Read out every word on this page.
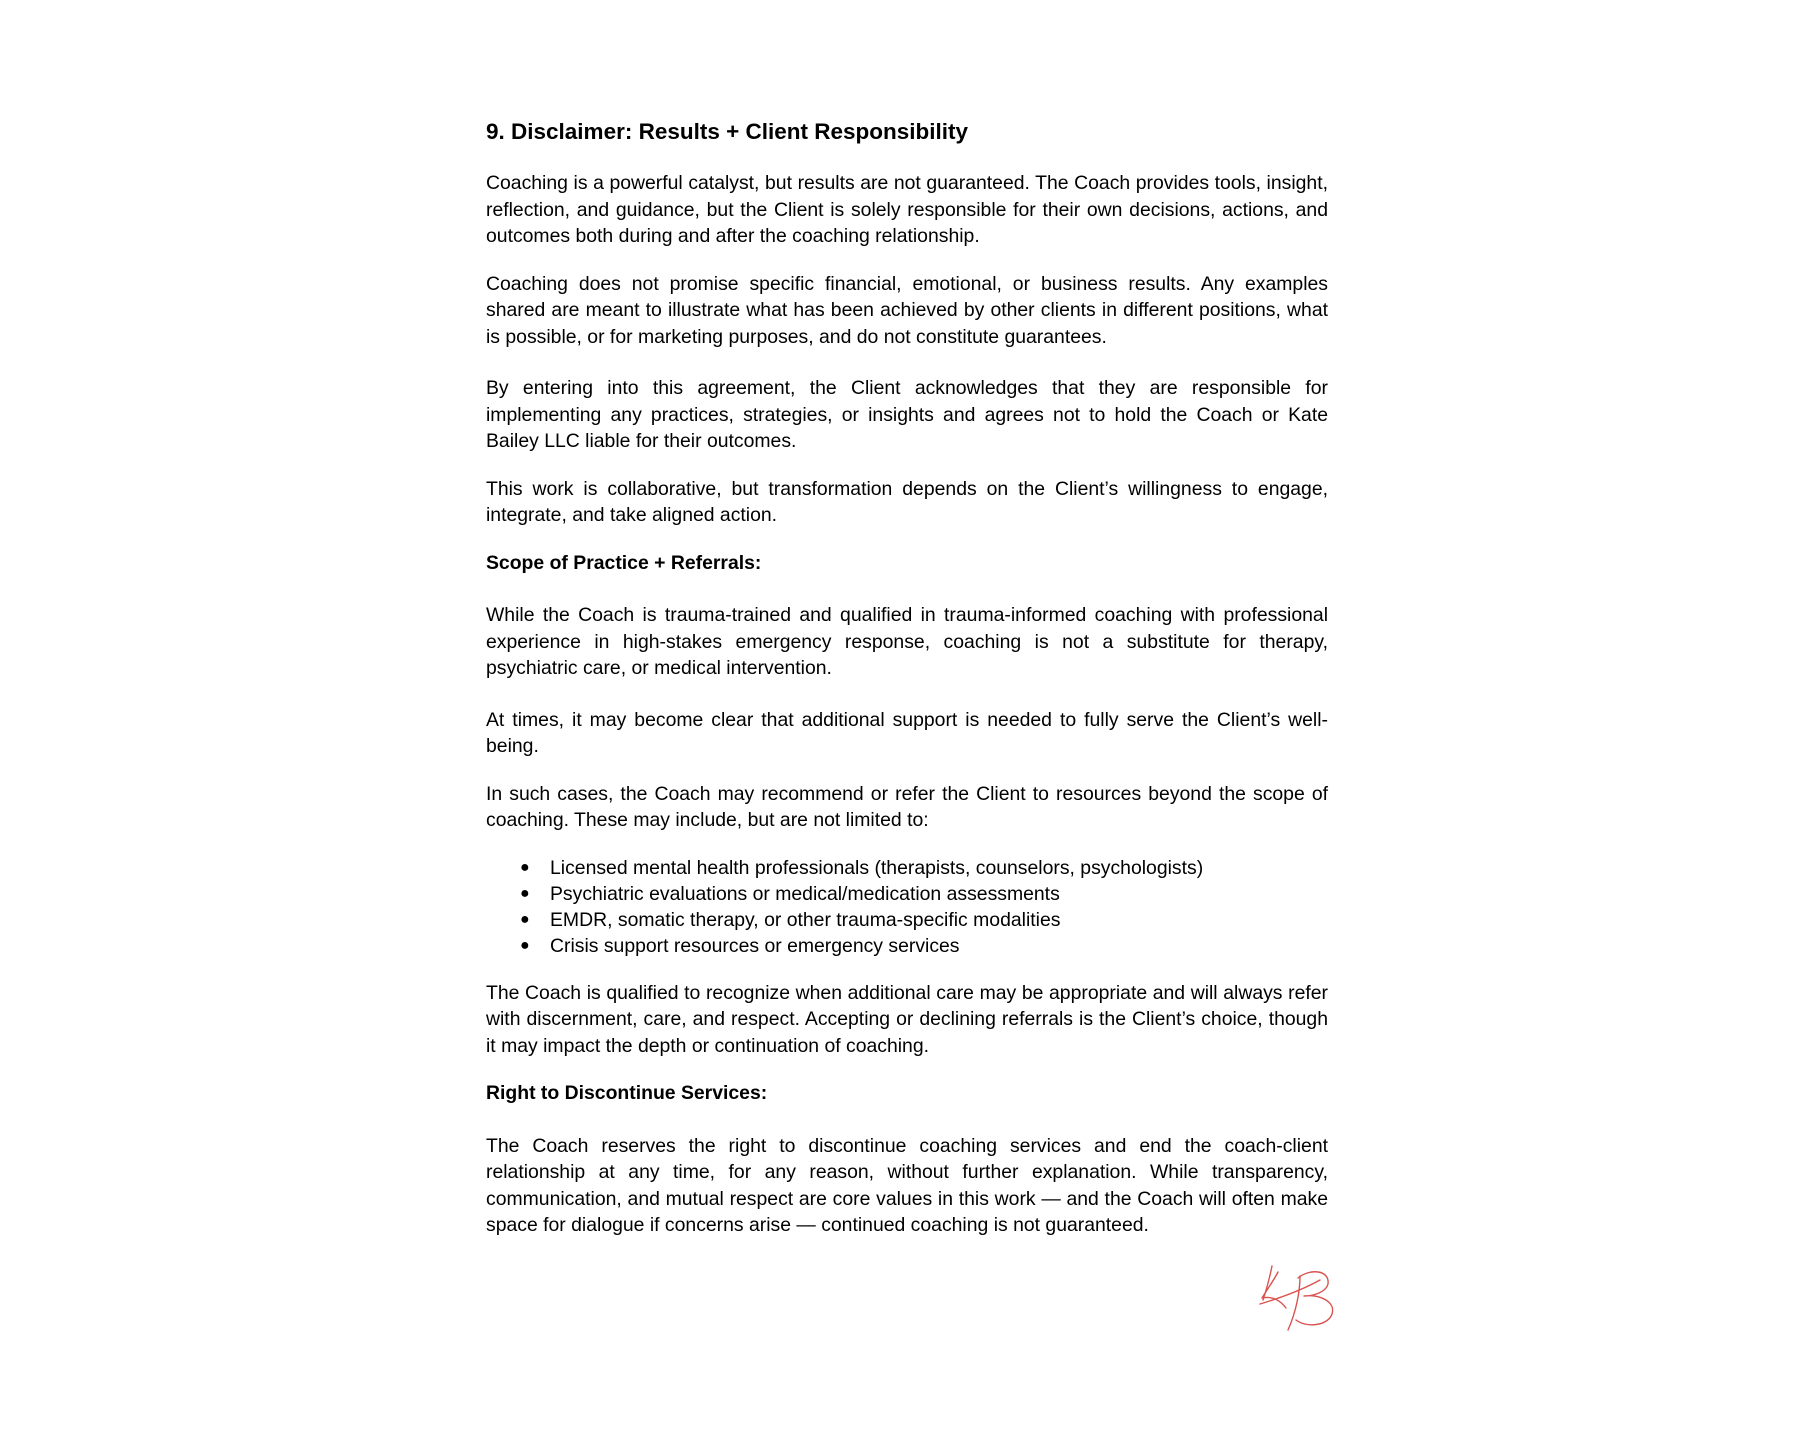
9. Disclaimer: Results + Client Responsibility

Coaching is a powerful catalyst, but results are not guaranteed. The Coach provides tools, insight, reflection, and guidance, but the Client is solely responsible for their own decisions, actions, and outcomes both during and after the coaching relationship.

Coaching does not promise specific financial, emotional, or business results. Any examples shared are meant to illustrate what has been achieved by other clients in different positions, what is possible, or for marketing purposes, and do not constitute guarantees.

By entering into this agreement, the Client acknowledges that they are responsible for implementing any practices, strategies, or insights and agrees not to hold the Coach or Kate Bailey LLC liable for their outcomes.

This work is collaborative, but transformation depends on the Client’s willingness to engage, integrate, and take aligned action.

Scope of Practice + Referrals:

While the Coach is trauma-trained and qualified in trauma-informed coaching with professional experience in high-stakes emergency response, coaching is not a substitute for therapy, psychiatric care, or medical intervention.

At times, it may become clear that additional support is needed to fully serve the Client’s well-being.

In such cases, the Coach may recommend or refer the Client to resources beyond the scope of coaching. These may include, but are not limited to:

● Licensed mental health professionals (therapists, counselors, psychologists)
● Psychiatric evaluations or medical/medication assessments
● EMDR, somatic therapy, or other trauma-specific modalities
● Crisis support resources or emergency services

The Coach is qualified to recognize when additional care may be appropriate and will always refer with discernment, care, and respect. Accepting or declining referrals is the Client’s choice, though it may impact the depth or continuation of coaching.

Right to Discontinue Services:

The Coach reserves the right to discontinue coaching services and end the coach-client relationship at any time, for any reason, without further explanation. While transparency, communication, and mutual respect are core values in this work — and the Coach will often make space for dialogue if concerns arise — continued coaching is not guaranteed.
